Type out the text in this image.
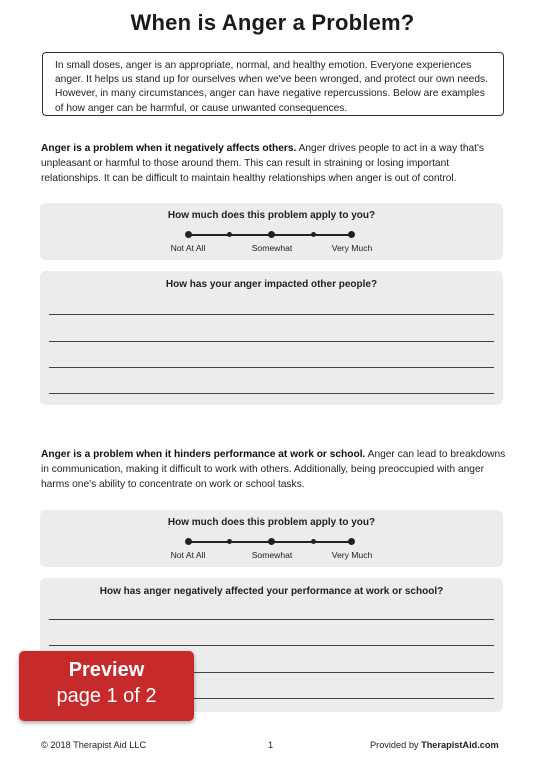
When is Anger a Problem?
In small doses, anger is an appropriate, normal, and healthy emotion. Everyone experiences anger. It helps us stand up for ourselves when we've been wronged, and protect our own needs. However, in many circumstances, anger can have negative repercussions. Below are examples of how anger can be harmful, or cause unwanted consequences.
Anger is a problem when it negatively affects others. Anger drives people to act in a way that's unpleasant or harmful to those around them. This can result in straining or losing important relationships. It can be difficult to maintain healthy relationships when anger is out of control.
How much does this problem apply to you?
Not At All	Somewhat	Very Much
How has your anger impacted other people?
Anger is a problem when it hinders performance at work or school. Anger can lead to breakdowns in communication, making it difficult to work with others. Additionally, being preoccupied with anger harms one's ability to concentrate on work or school tasks.
How much does this problem apply to you?
Not At All	Somewhat	Very Much
How has anger negatively affected your performance at work or school?
© 2018 Therapist Aid LLC	1	Provided by TherapistAid.com
Preview
page 1 of 2
